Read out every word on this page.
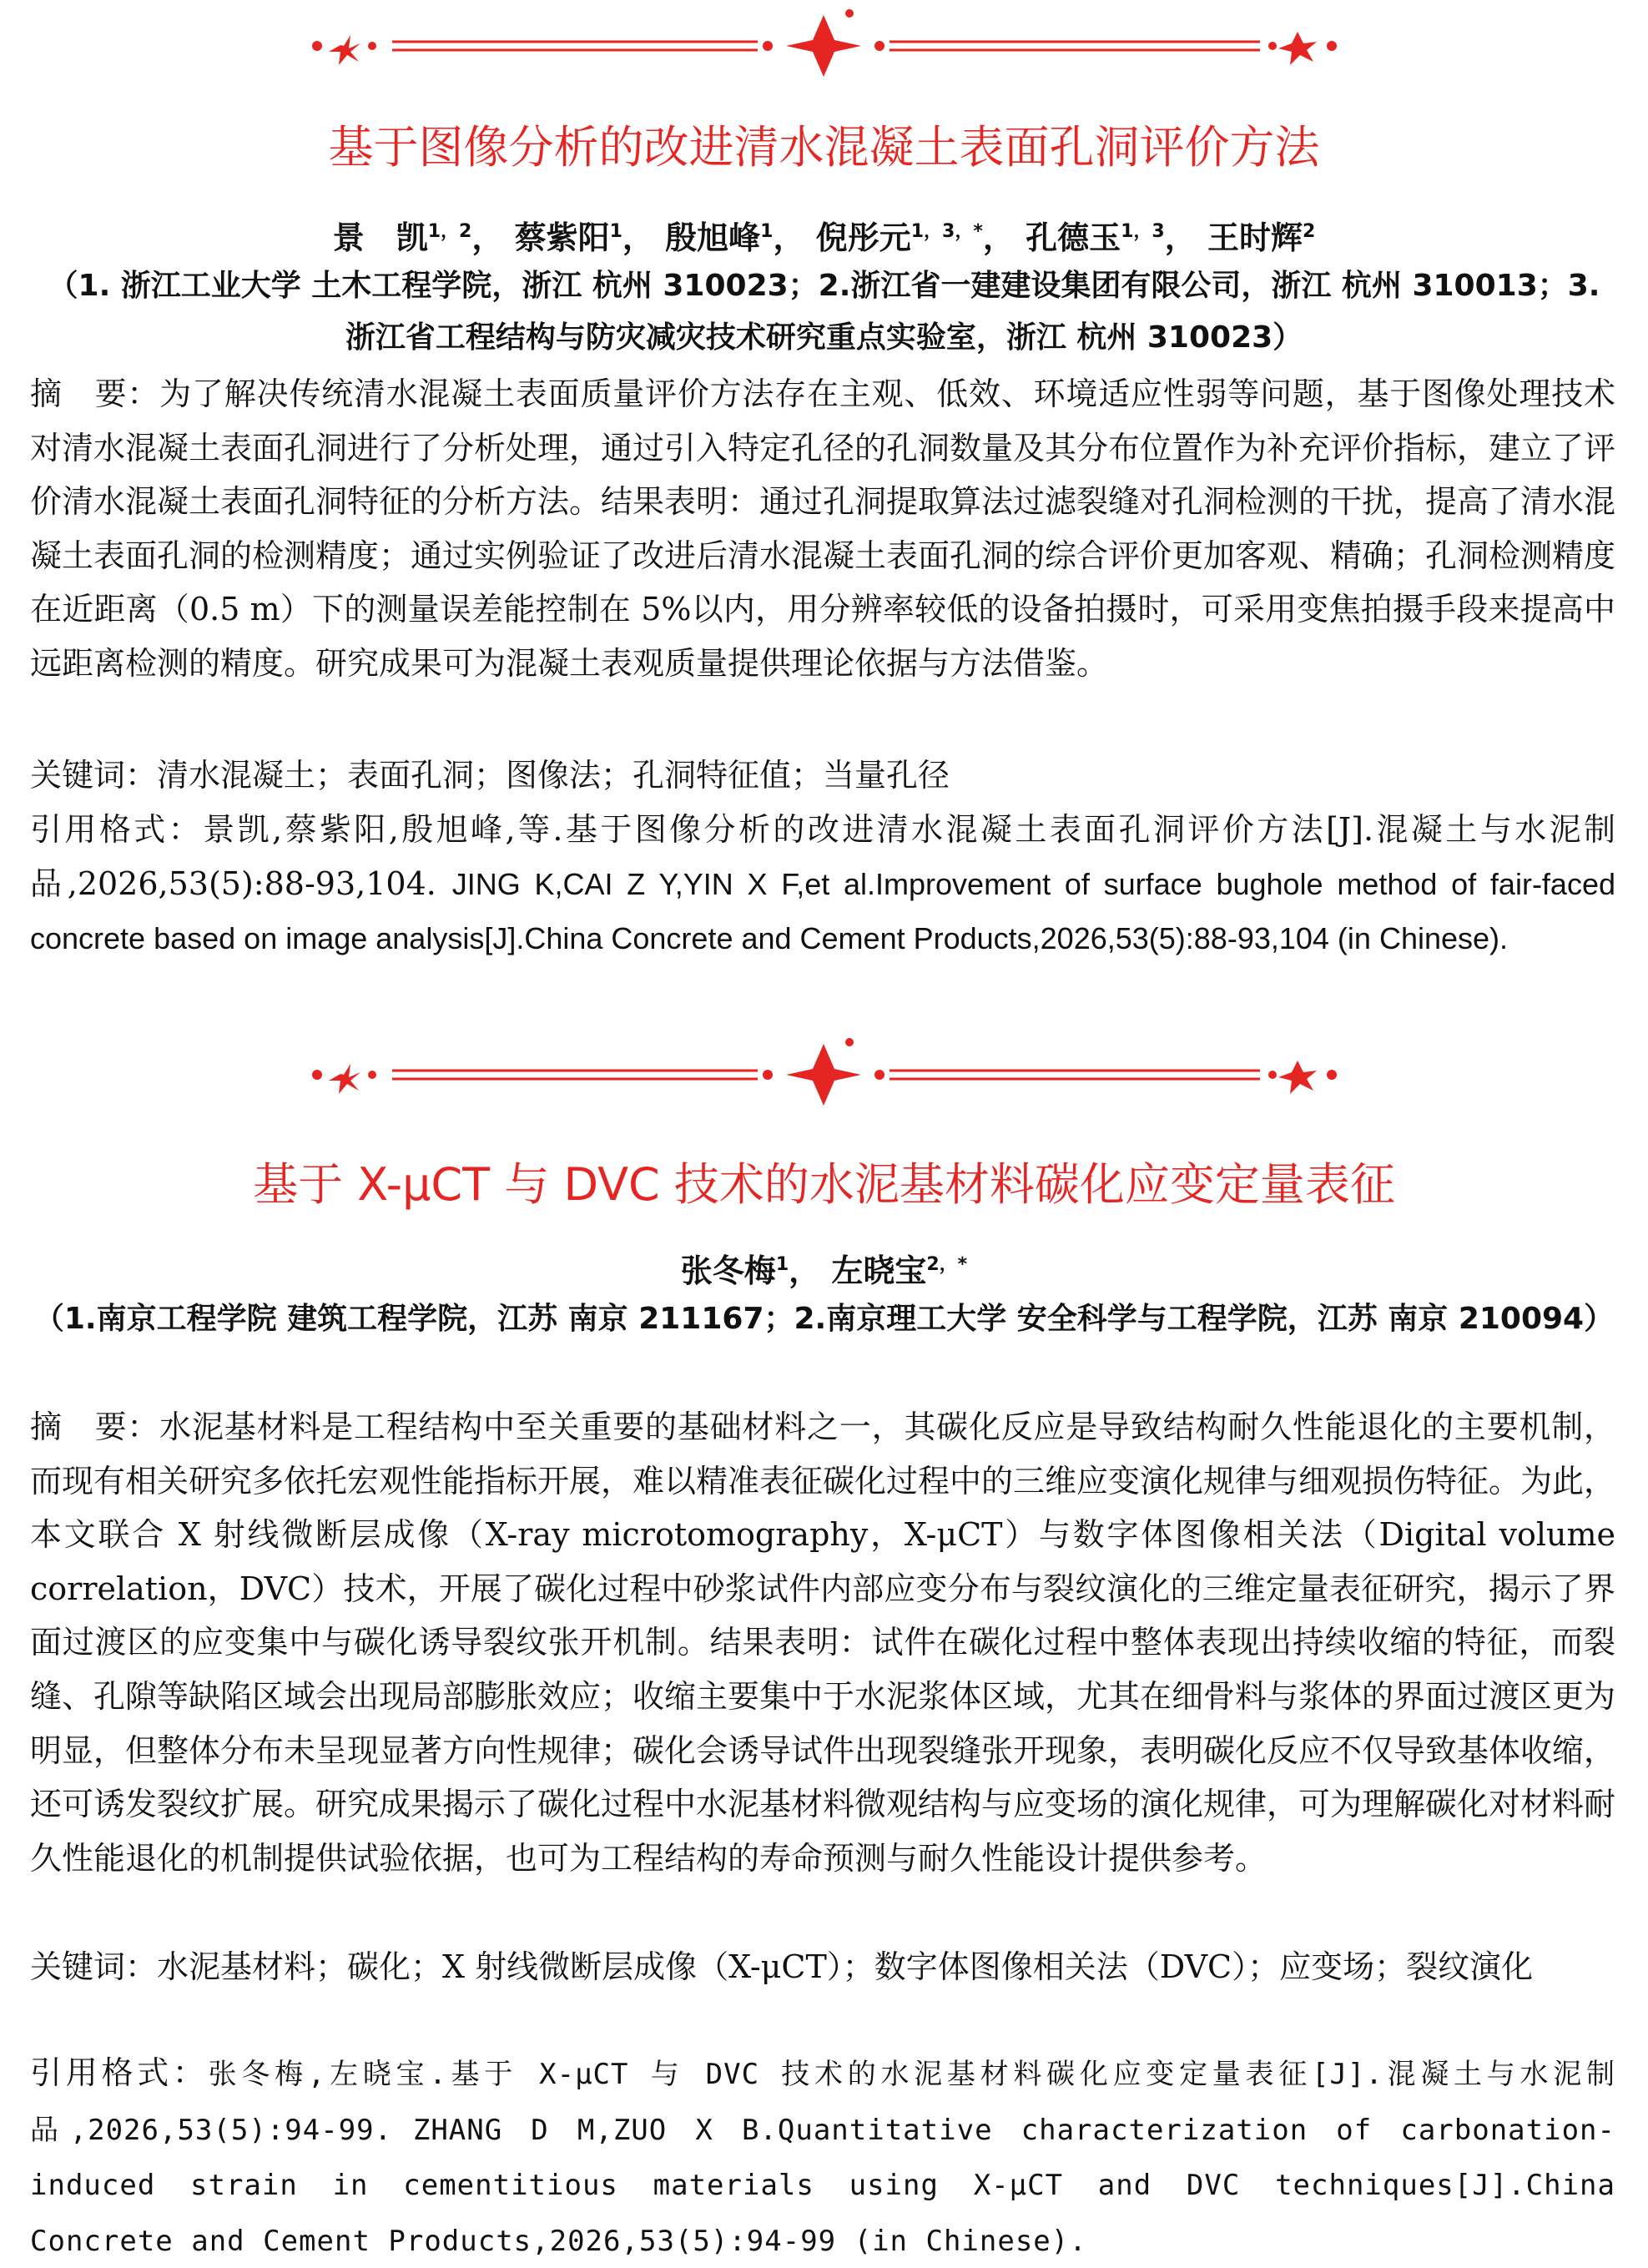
基于图像分析的改进清水混凝土表面孔洞评价方法
景　凯$^{1,2}$， 蔡紫阳$^1$， 殷旭峰$^1$， 倪彤元$^{1,3,*}$， 孔德玉$^{1,3}$， 王时辉$^2$
（1. 浙江工业大学 土木工程学院，浙江 杭州 310023；2.浙江省一建建设集团有限公司，浙江 杭州 310013；3.浙江省工程结构与防灾减灾技术研究重点实验室，浙江 杭州 310023）
摘　要：为了解决传统清水混凝土表面质量评价方法存在主观、低效、环境适应性弱等问题，基于图像处理技术对清水混凝土表面孔洞进行了分析处理，通过引入特定孔径的孔洞数量及其分布位置作为补充评价指标，建立了评价清水混凝土表面孔洞特征的分析方法。结果表明：通过孔洞提取算法过滤裂缝对孔洞检测的干扰，提高了清水混凝土表面孔洞的检测精度；通过实例验证了改进后清水混凝土表面孔洞的综合评价更加客观、精确；孔洞检测精度在近距离（0.5 m）下的测量误差能控制在 5%以内，用分辨率较低的设备拍摄时，可采用变焦拍摄手段来提高中远距离检测的精度。研究成果可为混凝土表观质量提供理论依据与方法借鉴。
关键词：清水混凝土；表面孔洞；图像法；孔洞特征值；当量孔径
引用格式：景凯,蔡紫阳,殷旭峰,等.基于图像分析的改进清水混凝土表面孔洞评价方法[J].混凝土与水泥制品,2026,53(5):88-93,104. JING K,CAI Z Y,YIN X F,et al.Improvement of surface bughole method of fair-faced concrete based on image analysis[J].China Concrete and Cement Products,2026,53(5):88-93,104 (in Chinese).
基于 X-μCT 与 DVC 技术的水泥基材料碳化应变定量表征
张冬梅$^1$， 左晓宝$^{2,*}$
（1.南京工程学院 建筑工程学院，江苏 南京 211167；2.南京理工大学 安全科学与工程学院，江苏 南京 210094）
摘　要：水泥基材料是工程结构中至关重要的基础材料之一，其碳化反应是导致结构耐久性能退化的主要机制，而现有相关研究多依托宏观性能指标开展，难以精准表征碳化过程中的三维应变演化规律与细观损伤特征。为此，本文联合 X 射线微断层成像（X-ray microtomography，X-μCT）与数字体图像相关法（Digital volume correlation，DVC）技术，开展了碳化过程中砂浆试件内部应变分布与裂纹演化的三维定量表征研究，揭示了界面过渡区的应变集中与碳化诱导裂纹张开机制。结果表明：试件在碳化过程中整体表现出持续收缩的特征，而裂缝、孔隙等缺陷区域会出现局部膨胀效应；收缩主要集中于水泥浆体区域，尤其在细骨料与浆体的界面过渡区更为明显，但整体分布未呈现显著方向性规律；碳化会诱导试件出现裂缝张开现象，表明碳化反应不仅导致基体收缩，还可诱发裂纹扩展。研究成果揭示了碳化过程中水泥基材料微观结构与应变场的演化规律，可为理解碳化对材料耐久性能退化的机制提供试验依据，也可为工程结构的寿命预测与耐久性能设计提供参考。
关键词：水泥基材料；碳化；X 射线微断层成像（X-μCT）；数字体图像相关法（DVC）；应变场；裂纹演化
引用格式：张冬梅,左晓宝.基于 X-μCT 与 DVC 技术的水泥基材料碳化应变定量表征[J].混凝土与水泥制品,2026,53(5):94-99. ZHANG D M,ZUO X B.Quantitative characterization of carbonation-induced strain in cementitious materials using X-μCT and DVC techniques[J].China Concrete and Cement Products,2026,53(5):94-99 (in Chinese).
